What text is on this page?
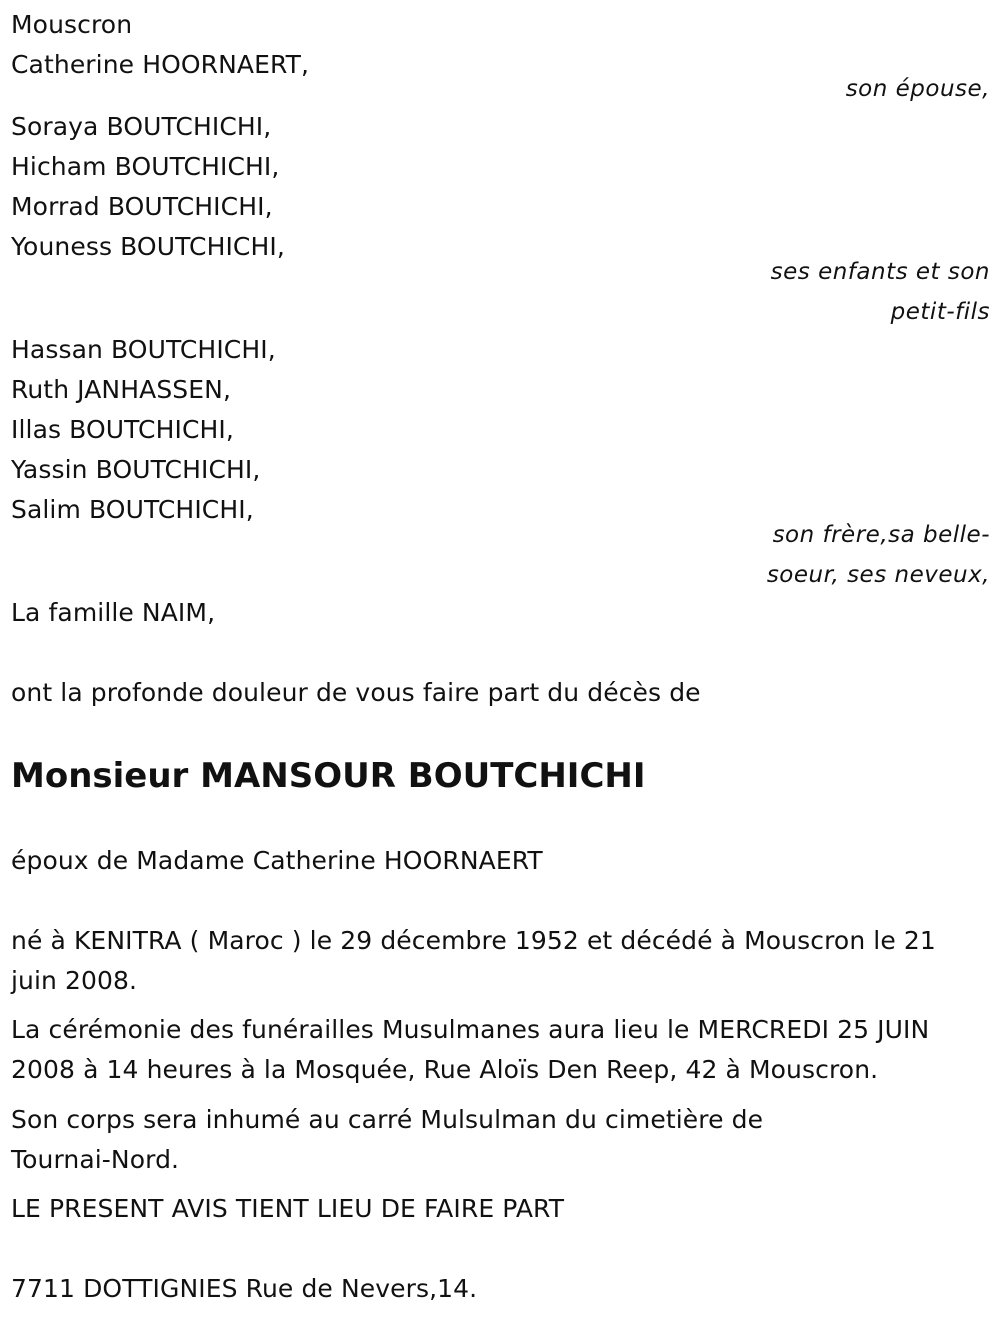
Mouscron
Catherine HOORNAERT,
son épouse,
Soraya BOUTCHICHI,
Hicham BOUTCHICHI,
Morrad BOUTCHICHI,
Youness BOUTCHICHI,
ses enfants et son
petit-fils
Hassan BOUTCHICHI,
Ruth JANHASSEN,
Illas BOUTCHICHI,
Yassin BOUTCHICHI,
Salim BOUTCHICHI,
son frère,sa belle-
soeur, ses neveux,
La famille NAIM,
ont la profonde douleur de vous faire part du décès de
Monsieur MANSOUR BOUTCHICHI
époux de Madame Catherine HOORNAERT
né à KENITRA ( Maroc ) le 29 décembre 1952 et décédé à Mouscron le 21
juin 2008.
La cérémonie des funérailles Musulmanes aura lieu le MERCREDI 25 JUIN
2008 à 14 heures à la Mosquée, Rue Aloïs Den Reep, 42 à Mouscron.
Son corps sera inhumé au carré Mulsulman du cimetière de
Tournai-Nord.
LE PRESENT AVIS TIENT LIEU DE FAIRE PART
7711 DOTTIGNIES Rue de Nevers,14.
